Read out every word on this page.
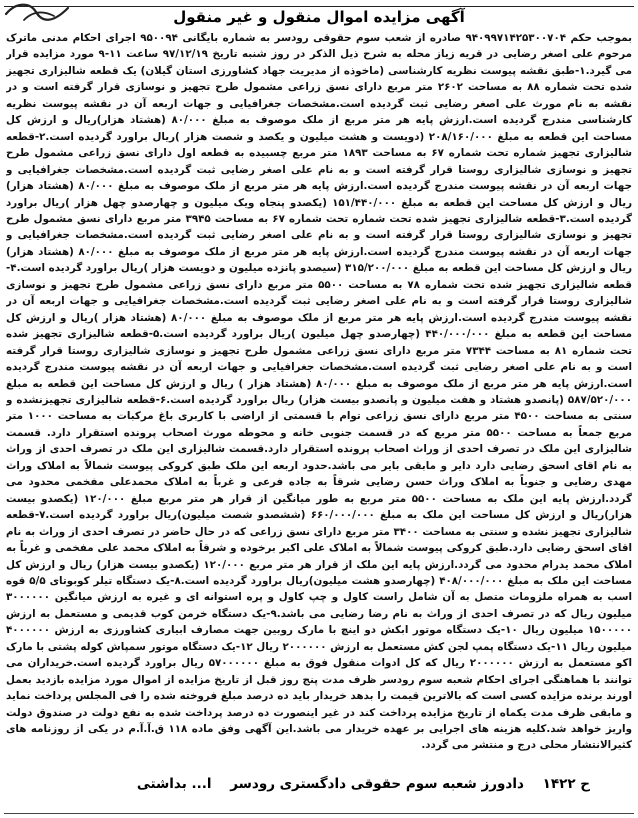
آگهی مزایده اموال منقول و غیر منقول
بموجب حکم ۹۴۰۹۹۷۱۴۲۵۳۰۰۷۰۴ صادره از شعب سوم حقوقی رودسر به شماره بایگانی ۹۵۰۰۹۴ اجرای احکام مدنی ماترک مرحوم علی اصغر رضایی در قریه زیاز محله به شرح ذیل الذکر در روز شنبه تاریخ ۹۷/۱۲/۱۹ ساعت ۱۱-۹ مورد مزایده قرار می گیرد.۱-طبق نقشه پیوست نظریه کارشناسی (ماخوذه از مدیریت جهاد کشاورزی استان گیلان) یک قطعه شالیزاری تجهیز شده تحت شماره ۸۸ به مساحت ۲۶۰۲ متر مربع دارای نسق زراعی مشمول طرح تجهیز و نوسازی قرار گرفته است و در نقشه به نام مورث علی اصغر رضایی ثبت گردیده است.مشخصات جغرافیایی و جهات اربعه آن در نقشه پیوست نظریه کارشناسی مندرج گردیده است.ارزش پایه هر متر مربع از ملک موصوف به مبلغ ۸۰/۰۰۰ (هشتاد هزار)ریال و ارزش کل مساحت این قطعه به مبلغ ۲۰۸/۱۶۰/۰۰۰ (دویست و هشت میلیون و یکصد و شصت هزار )ریال براورد گردیده است.۲-قطعه شالیزاری تجهیز شماره تحت شماره ۶۷ به مساحت ۱۸۹۳ متر مربع چسبیده به قطعه اول دارای نسق زراعی مشمول طرح تجهیز و نوسازی شالیزاری روستا قرار گرفته است و به نام علی اصغر رضایی ثبت گردیده است.مشخصات جغرافیایی و جهات اربعه آن در نقشه پیوست مندرج گردیده است.ارزش پایه هر متر مربع از ملک موصوف به مبلغ ۸۰/۰۰۰ (هشتاد هزار) ریال و ارزش کل مساحت این قطعه به مبلغ ۱۵۱/۴۴۰/۰۰۰ (یکصدو پنجاه ویک میلیون و چهارصدو چهل هزار )ریال براورد گردیده است.۳-قطعه شالیزاری تجهیز شده تحت شماره تحت شماره ۶۷ به مساحت ۳۹۴۵ متر مربع دارای نسق مشمول طرح تجهیز و نوسازی شالیزاری روستا قرار گرفته است و به نام علی اصغر رضایی ثبت گردیده است.مشخصات جغرافیایی و جهات اربعه آن در نقشه پیوست مندرج گردیده است.ارزش پایه هر متر مربع از ملک موصوف به مبلغ ۸۰/۰۰۰ (هشتاد هزار) ریال و ارزش کل مساحت این قطعه به مبلغ ۳۱۵/۲۰۰/۰۰۰ (سیصدو پانزده میلیون و دویست هزار )ریال براورد گردیده است.۴-قطعه شالیزاری تجهیز شده تحت شماره ۷۸ به مساحت ۵۵۰۰ متر مربع دارای نسق زراعی مشمول طرح تجهیز و نوسازی شالیزاری روستا قرار گرفته است و به نام علی اصغر رضایی ثبت گردیده است.مشخصات جغرافیایی و جهات اربعه آن در نقشه پیوست مندرج گردیده است.ارزش پایه هر متر مربع از ملک موصوف به مبلغ ۸۰/۰۰۰ (هشتاد هزار )ریال و ارزش کل مساحت این قطعه به مبلغ ۴۴۰/۰۰۰/۰۰۰ (چهارصدو چهل میلیون )ریال براورد گردیده است.۵-قطعه شالیزاری تجهیز شده تحت شماره ۸۱ به مساحت ۷۳۴۴ متر مربع دارای نسق زراعی مشمول طرح تجهیز و نوسازی شالیزاری روستا قرار گرفته است و به نام علی اصغر رضایی ثبت گردیده است.مشخصات جغرافیایی و جهات اربعه آن در نقشه پیوست مندرج گردیده است.ارزش پایه هر متر مربع از ملک موصوف به مبلغ ۸۰/۰۰۰ (هشتاد هزار ) ریال و ارزش کل مساحت این قطعه به مبلغ ۵۸۷/۵۲۰/۰۰۰ (پانصدو هشتاد و هفت میلیون و پانصدو بیست هزار) ریال براورد گردیده است.۶-قطعه شالیزاری تجهیزنشده و سنتی به مساحت ۴۵۰۰ متر مربع دارای نسق زراعی توام با قسمتی از اراضی با کاربری باغ مرکبات به مساحت ۱۰۰۰ متر مربع جمعاً به مساحت ۵۵۰۰ متر مربع که در قسمت جنوبی خانه و محوطه مورث اصحاب پرونده استقرار دارد. قسمت شالیزاری این ملک در تصرف احدی از وراث اصحاب پرونده استقرار دارد.قسمت شالیزاری این ملک در تصرف احدی از وراث به نام اقای اسحق رضایی دارد دایر و مابقی بایر می باشد.حدود اربعه این ملک طبق کروکی پیوست شمالاً به املاک وراث مهدی رضایی و جنوباً به املاک وراث حسن رضایی شرقاً به جاده فرعی و غرباً به املاک محمدعلی مفخمی محدود می گردد.ارزش پایه این ملک به مساحت ۵۵۰۰ متر مربع به طور میانگین از قرار هر متر مربع مبلغ ۱۲۰/۰۰۰ (یکصدو بیست هزار)ریال و ارزش کل مساحت این ملک به مبلغ ۶۶۰/۰۰۰/۰۰۰ (ششصدو شصت میلیون)ریال براورد گردیده است.۷-قطعه شالیزاری تجهیز نشده و سنتی به مساحت ۳۴۰۰ متر مربع دارای نسق زراعی که در حال حاضر در تصرف احدی از وراث به نام اقای اسحق رضایی دارد.طبق کروکی پیوست شمالاً به املاک علی اکبر برخوده و شرقاً به املاک محمد علی مفخمی و غرباً به املاک محمد یدرام محدود می گردد.ارزش پایه این ملک از قرار هر متر مربع ۱۲۰/۰۰۰ (یکصدو بیست هزار) ریال و ارزش کل مساحت این ملک به مبلغ ۴۰۸/۰۰۰/۰۰۰ (چهارصدو هشت میلیون)ریال براورد گردیده است.۸-یک دستگاه تیلر کوبوتای ۵/۵ قوه اسب به همراه ملزومات متصل به آن شامل راست کاول و چپ کاول و پره استوانه ای و غیره به ارزش میانگین ۳۰۰۰۰۰۰ میلیون ریال که در تصرف احدی از وراث به نام رضا رضایی می باشد.۹-یک دستگاه خرمن کوب قدیمی و مستعمل به ارزش ۱۵۰۰۰۰۰ میلیون ریال ۱۰-یک دستگاه موتور ابکش دو اینچ با مارک روبین جهت مصارف ابیاری کشاورزی به ارزش ۴۰۰۰۰۰۰ میلیون ریال ۱۱-یک دستگاه پمپ لجن کش مستعمل به ارزش ۲۰۰۰۰۰۰ ریال ۱۲-یک دستگاه موتور سمپاش کوله پشتی با مارک اکو مستعمل به ارزش ۲۰۰۰۰۰۰ ریال که کل ادوات منقول فوق به مبلغ ۵۷۰۰۰۰۰۰ ریال براورد گردیده است.خریداران می توانند با هماهنگی اجرای احکام شعبه سوم رودسر ظرف مدت پنج روز قبل از تاریخ مزایده از اموال مورد مزایده بازدید بعمل اورند برنده مزایده کسی است که بالاترین قیمت را بدهد خریدار باید ده درصد مبلغ فروخته شده را فی المجلس پرداخت نماید و مابقی ظرف مدت یکماه از تاریخ مزایده پرداخت کند در غیر اینصورت ده درصد پرداخت شده به نفع دولت در صندوق دولت واریز خواهد شد.کلیه هزینه های اجرایی بر عهده خریدار می باشد.این آگهی وفق ماده ۱۱۸ ق.آ.آ.م در یکی از روزنامه های کثیرالانتشار محلی درج و منتشر می گردد.
ح ۱۴۲۲ دادورز شعبه سوم حقوقی دادگستری رودسر ا... بداشتی
